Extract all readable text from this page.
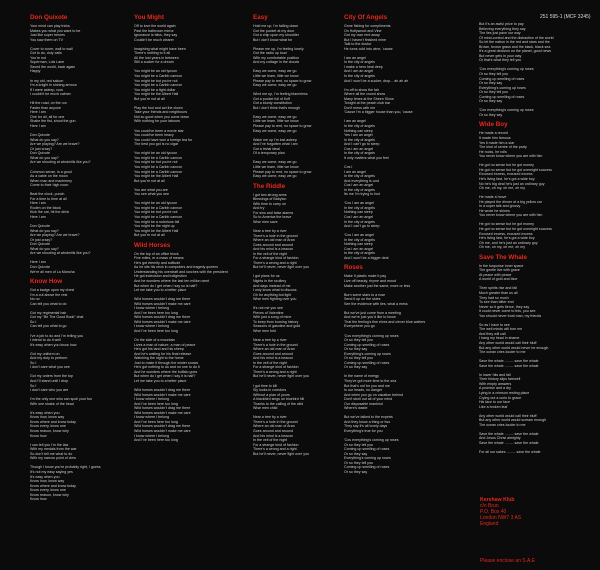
251 595-1 (MCF 3245)
Don Quixote
Your mind can play tricks
Makes you what you want to be
Just like super heroes
You saw them on TV

Cover to cover, wall to wall
Got to do, duty calls
You're not
Superman, Lois Lane
Saved the world, back again
Happy

In my old, red saloon
I'm a knight in shining armour
If I were asleep, now
I couldn't be much calmer

Hit the road, on the run
Faster than anyone
Here I am
One for all, all for one
Shake the fist, shoot the gun
Here I am

Don Quixote
What do you say?
Are we playing? Are we brave?
Or just crazy?
Don Quixote
What do you say?
Are we shooting at windmills like you?

Common sense, is a good
As a cable on the moon
When man and machinery
Come to their high noon

Beat the clock, punch
For a time to time at all
Here I am
Roden on the block
Kick the cat, hit the drink
Here I am

Don Quixote
What do you say?
Are we playing? Are we brave?
Or just crazy?
Don Quixote
What do you say?
Are we shooting at windmills like you?

Here I am
Don Quixote
We're all men of La Mancha
Know How
Got a badge upon my chest
I'm a cut above the rest
No no
Can tell you what to do

Got my regimental hair
Got my "Be The Good Book" chat
So I
Can tell you what to go

I've a job to do and I'm telling you
I intend to do it well
It's easy when you know how

Got my uniform on
And my duty to perform
So I
I don't care what you see

Got my orders from the top
And I'll stand until I drop
So I
I don't care who you are

I'm the only one who can spoil your fun
With one shake of the head

It's easy when you
Know how, know way
Know where and know today
Know every, know one
Know reason, know why
Know how

I can tell you I'm the law
With my medals from the war
So don't tell me what to do
With my narrow point of view

Though I know you're probably right, I guess
It's not my easy saying yes
It's easy when you
Know how, know way
Know where and know today
Know every, know one
Know reason, know why
Know how
You Might
Off to love the world again
Past the bathroom mirror
Ignorance is bliss, they say
Couldn't be much clearer

Imagining what might have been
There's nothing to it all
All the lost years in between
Still a sucker for a dream

You might be an old tycoon
You might be a Caribb cannon
You might be but you're not
You might be a Caribb cannon
You might be a tight dollar
You might be the Albert Hall
But you're not at all

Play the fool and act the clown
Take your friends and neighbours
Not so good when you come down
With nothing for your labours

You could've been a movie star
You could've been heavy
You could have won a foreign tea for
The best you got is no cigar

You might be an old tycoon
You might be a Caribb cannon
You might be but you're not
You might be a Caribb cannon
You might be a Caribb cannon
You might be the Albert Hall
But you're not at all

You are what you are
You see what you see

You might be an old tycoon
You might be a Caribb cannon
You might be but you're not
You might be a Caribb cannon
You might be a notorious fall
You might be the night up
You might be the Albert Hall
But you're not at all
Wild Horses
On the top of an office block
Five miles, or a mass of means
He's got eternity and solitude
As he sits his neck in computers and tragedy queens
Understanding his overdraft and lunches with the president
He got indecision and indigestion
And he wonders where the last ten million went
But when do I get when I say so is half?
Let me take you to a better place

Wild horses wouldn't drag me there
Wild horses wouldn't make me care
I know where I belong
And I've been here too long
Wild horses wouldn't drag me there
Wild horses wouldn't make me care
I know where I belong
And I've been here too long

On the side of a mountain
Lives a man of nature, a man of peace
He's got his land and his sheep
And he's waiting for his final release
Watching the night to the home
Just to make it through the winter snows
He's got nothing to do and no one to do it
And he wonders where the buffalo goes
But when do I get when I say it is half?
Let me take you to a better place

Wild horses wouldn't drag me there
Wild horses wouldn't make me care
I know where I belong
And I've been here too long
Wild horses wouldn't drag me there
Wild horses wouldn't make me care
I know where I belong
And I've been here too long
Wild horses wouldn't drag me there
Wild horses wouldn't make me care
I know where I belong
And I've been here too long
Easy
Hold me up, I'm falling down
Got the pocket at my door
Got a chip upon my shoulder
But I don't know what for

Please me up, I'm feeling lonely
Got the radio up loud
With my comfortable position
And my cottage in the clouds

Easy we come, easy we go
Little we learn, little we know
Please pay to rent, no space to grow
Easy we come, easy we go

Wind me up, I'm feeling blameless
Got a pocket full of fluff
Got a sturdy constitution
But I don't think that's enough

Easy we come, easy we go
Little we learn, little we know
Please pay to rent, no space to grow
Easy we come, easy we go

Wake me up I'm lost asleep
And I've forgotten what I am
Got a trivial ideal
Of a temporary plan

Easy we come, easy we go
Little we learn, little we know
Please pay to rent, no space to grow
Easy we come, easy we go
The Riddle
I got two strong arms
Blessings of Babylon
With time to carry on
And try
For sins and false alarms
So to America the brave
Wise men save

Near a tree by a river
There's a hole in the ground
Where an old man of Aran
Goes around and around
And his mind is a beacon
In the veil of the night
For a strange kind of fashion
There's a wrong and a right
But he'll never, never fight over you

I got plans for us
Nights in the scullery
And days instead of me
I only know what to discuss
Oh for anything but light
Wise men fighting over you

It's not me you see
Pieces of Valentine
With just a song of mine
To keep from burning history
Seasons of gasoline and gold
Wise men fold

Near a tree by a river
There's a hole in the ground
Where an old man of Aran
Goes around and around
And his mind is a beacon
In the veil of the night
For a strange kind of fashion
There's a wrong and a right
But he'll never, never fight over you

I got time to kill
Sly looks in corridors
Without a plan of yours
A blackbird sings on bluebird hill
Thanks to the calling of the wild
Wise men child

Near a tree by a river
There's a hole in the ground
Where an old man of Aran
Goes around and around
And his mind is a beacon
In the veil of the night
For a strange kind of fashion
There's a wrong and a right
But he'll never, never fight over you
City Of Angels
Gone fishing for compliments
On Hollywood and Vine
Got my own rent away
But I haven't finished mine
Talk to the doctor
He turns cold into wine, 'cause

I am an angel
In the city of angels
I make a hero heal deep
And I am an angel
In the city of angels
And I won't be a sucker, drop... ah ah ah

I'm off to show the fair
Where all the crowd show
Many times at the Sheen Show
Tonight at the peach club bar
Don't mess with me
'Cause I'm a bigger house than you, 'cause

I am an angel
In the city of angels
Nothing can sleep
Yes I am an angel
In the city of angels
And I can't go to sleep
Cos I am an angel
In the city of angels
It only matters what you feel

Cos I
I am an angel
In the city of angels
And everything is cool
Cos I am an angel
In the city of angels
Its me I'm trying to fool

'Cos I am an angel
In the city of angels
Nothing can sleep
Cos I am an angel
In the city of angels
And I can't go to sleep

'Cos I am an angel
In the city of angels
Nothing can sleep
Cos I am an angel
In the city of angels
And I won't be a bigger deal
Roses
Make it plastic make it pay
Live off beauty, rhyme and mood
Make another just the same, more or less

Burn some stars to a rose
Send it up on the skies
See the evidence with lies, what a mess

But we've just come from a meeting
And we're just you'd like to know
That the feeling's fine elves and clever blue waiters
Everywhere you go

'Cos everything's coming up roses
Or so they tell you
Coming up smelling of roses
Or so they say
Everything's coming up roses
Or so they tell you
Coming up smelling of roses
Or so they say

In the name of energy
They've got more time to the sea
But that's not for you and me
In our heads, no danger
And when you go on vacation behind
Don't stroll out all of your mind
Our disposable mankind
Where's waste

But we've talked to the experts
And they know a thing or two
They say it's all lovely days
Everything's true for you

'Cos everything's coming up roses
Or so they tell you
Coming up smelling of roses
Or so they say
Everything's coming up roses
Or so they tell you
Coming up smelling of roses
Or so they say
But it's an awful price to pay
Believing everything they say
The lies just pave our way
Of mind-control and the distraction of the world
So let the nation in the red and stars and the
Brown, brown grass and the black, black sea
It's a great decision on the planet, good news
But never gets in your way
Or that's what they tell you

'Cos everything's coming up roses
Or so they tell you
Coming up smelling of roses
Or so they say
Everything's coming up roses
Or so they tell you
Coming up smelling of roses
Or so they say

'Cos everything's coming up roses
Or so they say
Wide Boy
He made a record
It made him famous
Yes it made him a star
The kind of centre of the party
He rocks, he rolls
You never know where you are with him

He got no sense but he got money
He got no sense but he got overnight success
Excused excess, excused excess
He's living fast, he's got a wide boy
No he's big deal he's just an ordinary guy
Oh me, oh my, oh me, oh my

He made a move
He played the dinner of a big yellow car
In a super talk and groovy
He wrote he shines
You never know where you are with him

He got no sense but he got money
He got no sense but he got overnight success
Excused excess, excused excess
He's living fast, he's got a wide boy
Oh me, and he's just an ordinary guy
Oh me, oh my, oh me, oh my
Save The Whale
In the turquoise inner space
The gentle live with grace
At peace with peace
A world of gold and blue

Their spirits rise and fall
Much greater than us all
They had so much
To see than bitter end
Never so it gets fierce, they say
It could never come to this, you see
You should never trust man, my friends

So as I have to see
The well minds will turn me
And they will call
I hang my head in shame
Any other world would call their bluff
But any other world would never be enough
The ocean cries louder to me

Save the whale ......... save the whale
Save the whale ......... save the whale

In lower hits and fall
Their history slips farewell
With empty answers
A promise and a dry
Lying in a crimson resting place
Crying out a curio to grace
His face to our face
Like a broken leaf

Any other world would call their bluff
But any other world would scream enough
The ocean cries louder to me

Save the whale ......... save the whale
And Jesus Christ almighty
Save the whale ......... save the whale

For all our sakes ......... save the whale
Kershaw Klub
c/o Brun
P.O. Box 40
London NW7 3 AS
England
Please enclose an S.A.E
